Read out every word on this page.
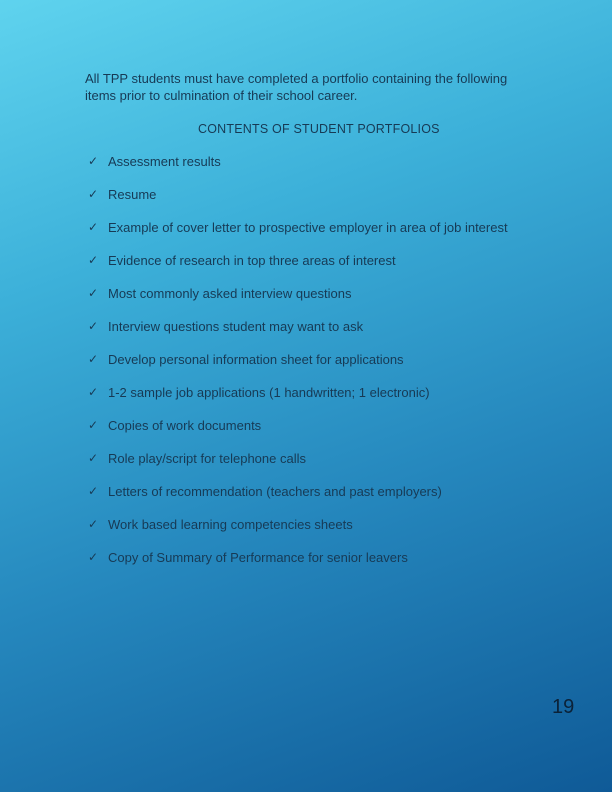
All TPP students must have completed a portfolio containing the following items prior to culmination of their school career.

CONTENTS OF STUDENT PORTFOLIOS

✓ Assessment results
✓ Resume
✓ Example of cover letter to prospective employer in area of job interest
✓ Evidence of research in top three areas of interest
✓ Most commonly asked interview questions
✓ Interview questions student may want to ask
✓ Develop personal information sheet for applications
✓ 1-2 sample job applications (1 handwritten; 1 electronic)
✓ Copies of work documents
✓ Role play/script for telephone calls
✓ Letters of recommendation (teachers and past employers)
✓ Work based learning competencies sheets
✓ Copy of Summary of Performance for senior leavers
19
